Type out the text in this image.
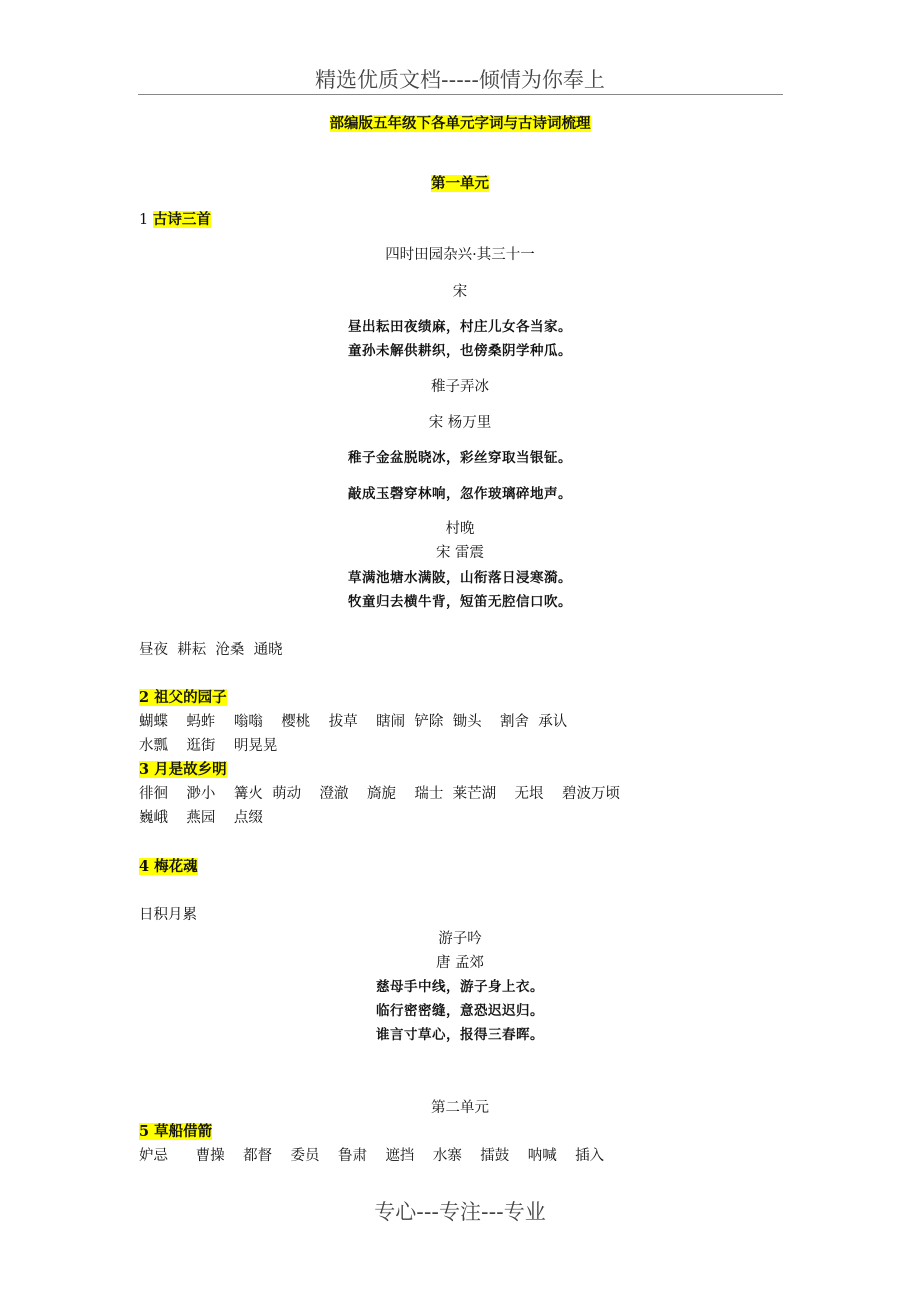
精选优质文档-----倾情为你奉上
部编版五年级下各单元字词与古诗词梳理
第一单元
1 古诗三首
四时田园杂兴·其三十一
宋
昼出耘田夜绩麻，村庄儿女各当家。
童孙未解供耕织，也傍桑阴学种瓜。
稚子弄冰
宋 杨万里
稚子金盆脱晓冰，彩丝穿取当银钲。
敲成玉磬穿林响，忽作玻璃碎地声。
村晚
宋 雷震
草满池塘水满陂，山衔落日浸寒漪。
牧童归去横牛背，短笛无腔信口吹。
昼夜  耕耘  沧桑  通晓
2 祖父的园子
蝴蝶    蚂蚱    嗡嗡    樱桃    拔草    瞎闹  铲除  锄头    割舍  承认
水瓢    逛街    明晃晃
3 月是故乡明
徘徊    渺小    篝火  萌动    澄澈    旖旎    瑞士  莱芒湖    无垠    碧波万顷
巍峨    燕园    点缀
4 梅花魂
日积月累
游子吟
唐 孟郊
慈母手中线，游子身上衣。
临行密密缝，意恐迟迟归。
谁言寸草心，报得三春晖。
第二单元
5 草船借箭
妒忌      曹操    都督    委员    鲁肃    遮挡    水寨    擂鼓    呐喊    插入
专心---专注---专业
